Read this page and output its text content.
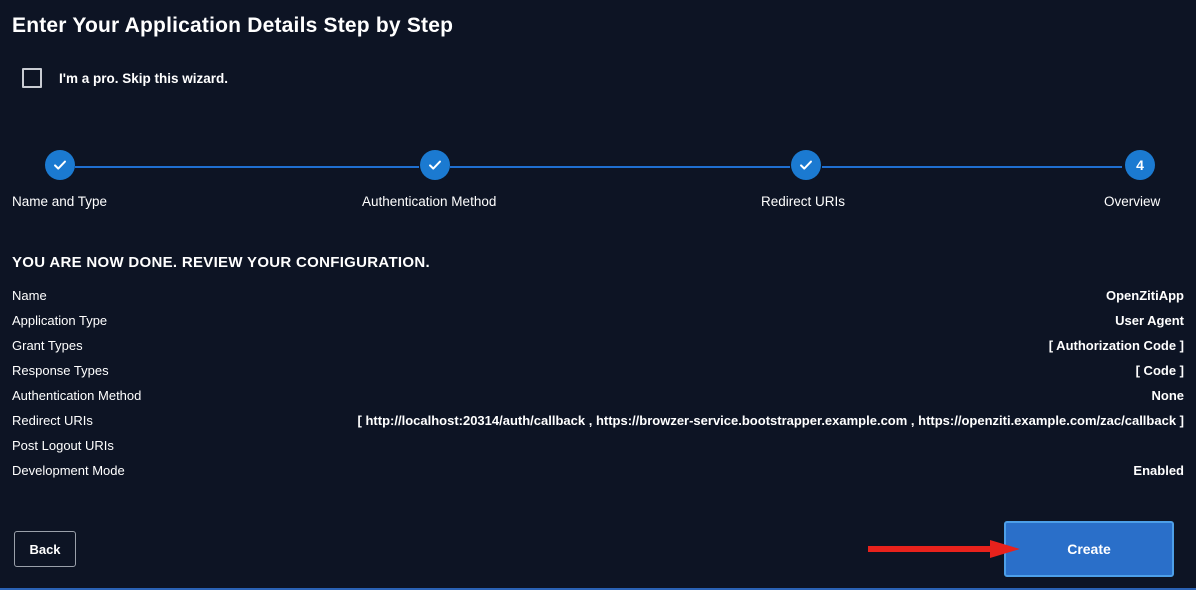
Enter Your Application Details Step by Step
I'm a pro. Skip this wizard.
4
Name and Type	Authentication Method	Redirect URIs	Overview
YOU ARE NOW DONE. REVIEW YOUR CONFIGURATION.
Name	OpenZitiApp
Application Type	User Agent
Grant Types	[ Authorization Code ]
Response Types	[ Code ]
Authentication Method	None
Redirect URIs	[ http://localhost:20314/auth/callback , https://browzer-service.bootstrapper.example.com , https://openziti.example.com/zac/callback ]
Post Logout URIs
Development Mode	Enabled
Back	Create
